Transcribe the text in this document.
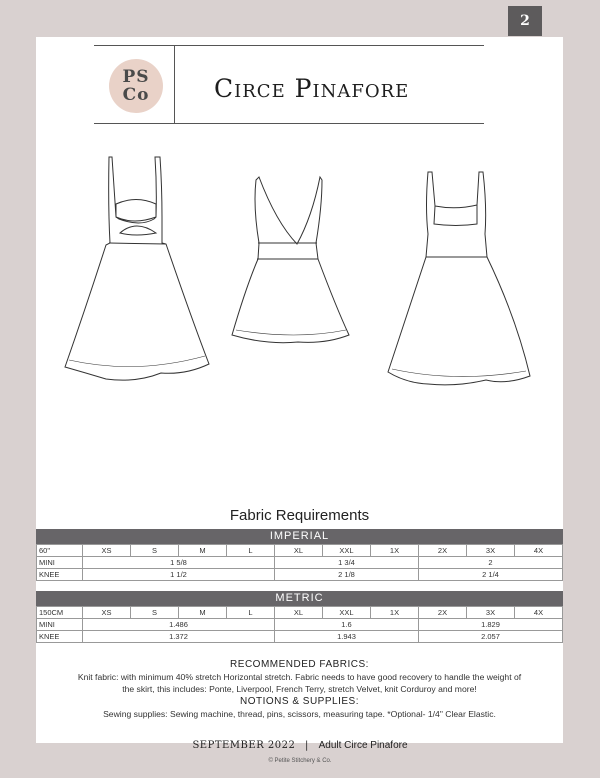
2
PS
Co	Circe Pinafore
Fabric Requirements
IMPERIAL
60"	XS	S	M	L	XL	XXL	1X	2X	3X	4X
MINI	1 5/8				1 3/4			2		
KNEE	1 1/2				2 1/8			2 1/4		
METRIC
150CM	XS	S	M	L	XL	XXL	1X	2X	3X	4X
MINI	1.486				1.6			1.829		
KNEE	1.372				1.943			2.057		

RECOMMENDED FABRICS:

Knit fabric: with minimum 40% stretch Horizontal stretch. Fabric needs to have good recovery to handle the weight of

the skirt, this includes: Ponte, Liverpool, French Terry, stretch Velvet, knit Corduroy and more!

NOTIONS & SUPPLIES:

Sewing supplies: Sewing machine, thread, pins, scissors, measuring tape. *Optional- 1/4" Clear Elastic.

SEPTEMBER 2022 | Adult Circe Pinafore
© Petite Stitchery & Co.
